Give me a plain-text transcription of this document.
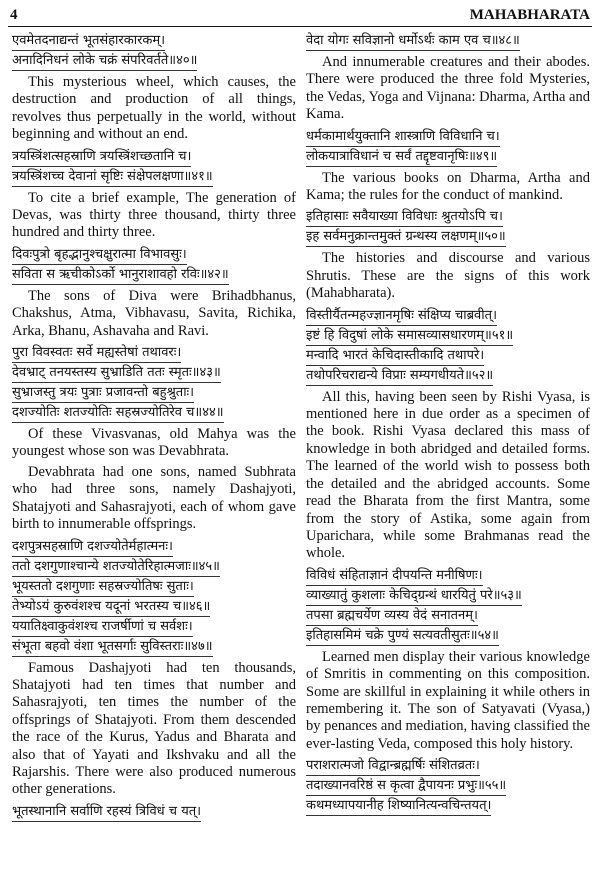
4	MAHABHARATA
एवमेतदनाद्यन्तं भूतसंहारकारकम्।
अनादिनिधनं लोके चक्रं संपरिवर्तते॥४०॥

This mysterious wheel, which causes, the destruction and production of all things, revolves thus perpetually in the world, without beginning and without an end.

त्रयस्त्रिंशत्सहस्राणि त्रयस्त्रिंशच्छतानि च।
त्रयस्त्रिंशच्च देवानां सृष्टिः संक्षेपलक्षणा॥४१॥

To cite a brief example, The generation of Devas, was thirty three thousand, thirty three hundred and thirty three.

दिवःपुत्रो बृहद्भानुश्चक्षुरात्मा विभावसुः।
सविता स ऋचीकोऽर्को भानुराशावहो रविः॥४२॥

The sons of Diva were Brihadbhanus, Chakshus, Atma, Vibhavasu, Savita, Richika, Arka, Bhanu, Ashavaha and Ravi.

पुरा विवस्वतः सर्वे मह्यस्तेषां तथावरः।
देवभ्राट् तनयस्तस्य सुभ्राडिति ततः स्मृतः॥४३॥
सुभ्राजस्तु त्रयः पुत्राः प्रजावन्तो बहुश्रुताः।
दशज्योतिः शतज्योतिः सहस्रज्योतिरेव च॥४४॥

Of these Vivasvanas, old Mahya was the youngest whose son was Devabhrata.

Devabhrata had one sons, named Subhrata who had three sons, namely Dashajyoti, Shatajyoti and Sahasrajyoti, each of whom gave birth to innumerable offsprings.

दशपुत्रसहस्राणि दशज्योतेर्महात्मनः।
ततो दशगुणाश्चान्ये शतज्योतेरिहात्मजाः॥४५॥
भूयस्ततो दशगुणाः सहस्रज्योतिषः सुताः।
तेभ्योऽयं कुरुवंशश्च यदूनां भरतस्य च॥४६॥
ययातिक्ष्वाकुवंशश्च राजर्षीणां च सर्वशः।
संभूता बहवो वंशा भूतसर्गाः सुविस्तराः॥४७॥

Famous Dashajyoti had ten thousands, Shatajyoti had ten times that number and Sahasrajyoti, ten times the number of the offsprings of Shatajyoti. From them descended the race of the Kurus, Yadus and Bharata and also that of Yayati and Ikshvaku and all the Rajarshis. There were also produced numerous other generations.

भूतस्थानानि सर्वाणि रहस्यं त्रिविधं च यत्।
वेदा योगः सविज्ञानो धर्मोऽर्थः काम एव च॥४८॥

And innumerable creatures and their abodes. There were produced the three fold Mysteries, the Vedas, Yoga and Vijnana: Dharma, Artha and Kama.

धर्मकामार्थयुक्तानि शास्त्राणि विविधानि च।
लोकयात्राविधानं च सर्वं तद्दृष्टवानृषिः॥४९॥

The various books on Dharma, Artha and Kama; the rules for the conduct of mankind.

इतिहासाः सवैयाख्या विविधाः श्रुतयोऽपि च।
इह सर्वमनुक्रान्तमुक्तं ग्रन्थस्य लक्षणम्॥५०॥

The histories and discourse and various Shrutis. These are the signs of this work (Mahabharata).

विस्तीर्यैतन्महज्ज्ञानमृषिः संक्षिप्य चाब्रवीत्।
इष्टं हि विदुषां लोके समासव्यासधारणम्॥५१॥
मन्वादि भारतं केचिदास्तीकादि तथापरे।
तथोपरिचराद्यन्ये विप्राः सम्यगधीयते॥५२॥

All this, having been seen by Rishi Vyasa, is mentioned here in due order as a specimen of the book. Rishi Vyasa declared this mass of knowledge in both abridged and detailed forms. The learned of the world wish to possess both the detailed and the abridged accounts. Some read the Bharata from the first Mantra, some from the story of Astika, some again from Uparichara, while some Brahmanas read the whole.

विविधं संहिताज्ञानं दीपयन्ति मनीषिणः।
व्याख्यातुं कुशलाः केचिद्ग्रन्थं धारयितुं परे॥५३॥
तपसा ब्रह्मचर्येण व्यस्य वेदं सनातनम्।
इतिहासमिमं चक्रे पुण्यं सत्यवतीसुतः॥५४॥

Learned men display their various knowledge of Smritis in commenting on this composition. Some are skillful in explaining it while others in remembering it. The son of Satyavati (Vyasa,) by penances and mediation, having classified the ever-lasting Veda, composed this holy history.

पराशरात्मजो विद्वान्ब्रह्मर्षिः संशितव्रतः।
तदाख्यानवरिष्ठं स कृत्वा द्वैपायनः प्रभुः॥५५॥
कथमध्यापयानीह शिष्यानित्यन्वचिन्तयत्।
